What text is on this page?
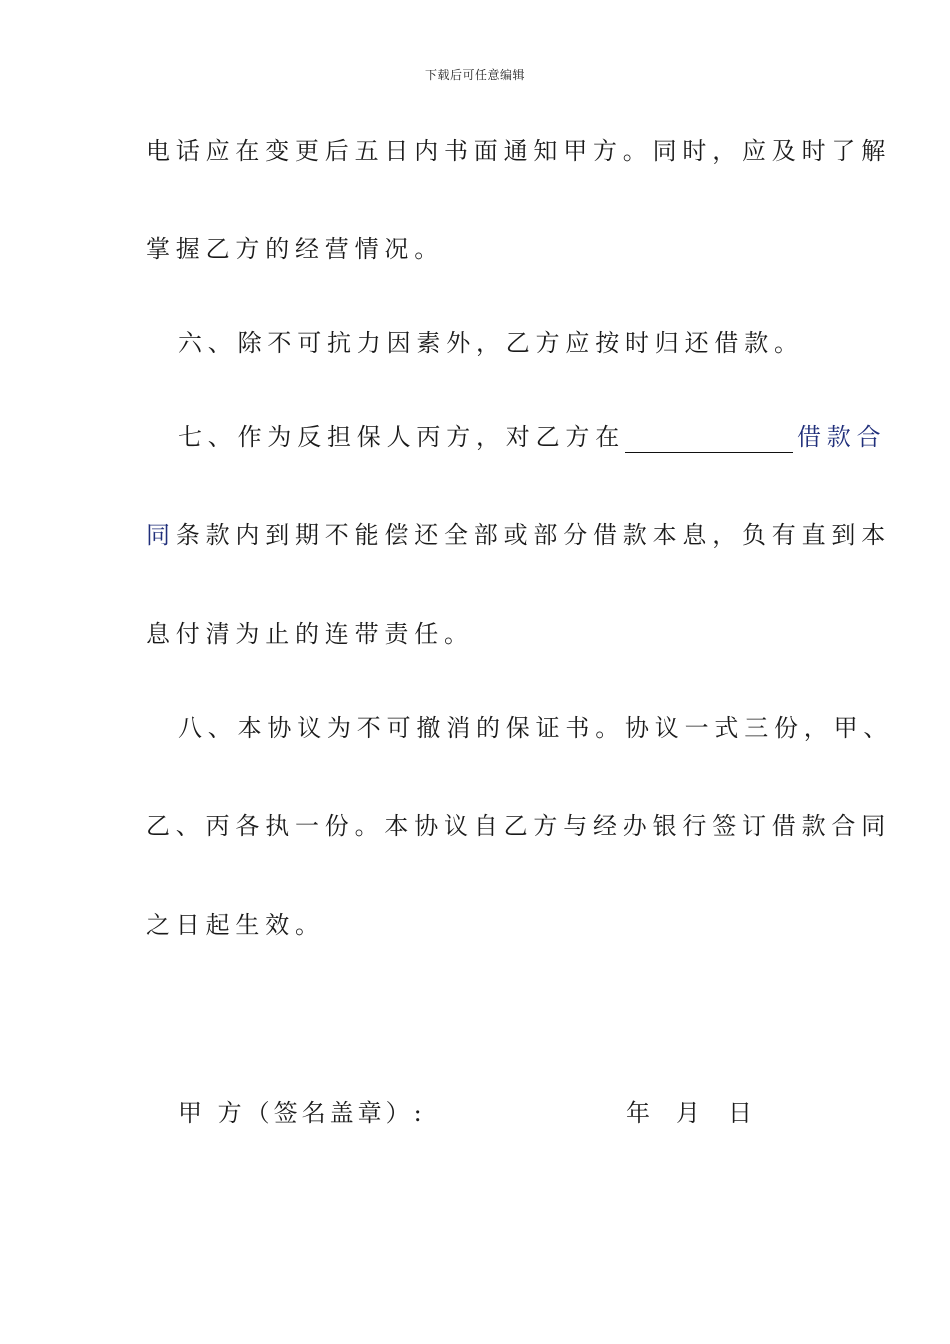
下载后可任意编辑
电话应在变更后五日内书面通知甲方。同时，应及时了解
掌握乙方的经营情况。
六、除不可抗力因素外，乙方应按时归还借款。
七、作为反担保人丙方，对乙方在	借款合
同条款内到期不能偿还全部或部分借款本息，负有直到本
息付清为止的连带责任。
八、本协议为不可撤消的保证书。协议一式三份，甲、
乙、丙各执一份。本协议自乙方与经办银行签订借款合同
之日起生效。
甲 方（签名盖章）:	年 月 日
